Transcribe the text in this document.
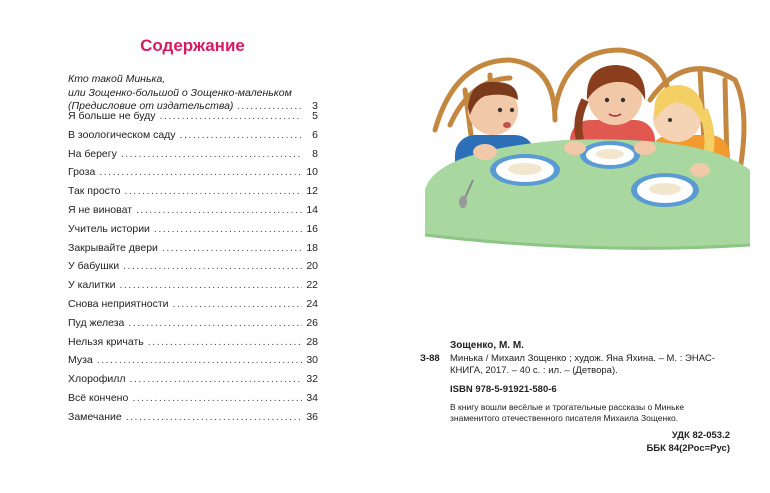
Содержание
Кто такой Минька,
или Зощенко-большой о Зощенко-маленьком
(Предисловие от издательства) .....	3
Я больше не буду .....	5
В зоологическом саду .....	6
На берегу .....	8
Гроза .....	10
Так просто .....	12
Я не виноват .....	14
Учитель истории .....	16
Закрывайте двери .....	18
У бабушки .....	20
У калитки .....	22
Снова неприятности .....	24
Пуд железа .....	26
Нельзя кричать .....	28
Муза .....	30
Хлорофилл .....	32
Всё кончено .....	34
Замечание .....	36
Зощенко, М. М.
З-88	Минька / Михаил Зощенко ; худож. Яна Яхина. – М. : ЭНАС-КНИГА, 2017. – 40 с. : ил. – (Детвора).
ISBN 978-5-91921-580-6
В книгу вошли весёлые и трогательные рассказы о Миньке знаменитого отечественного писателя Михаила Зощенко.
УДК 82-053.2
ББК 84(2Рос=Рус)
